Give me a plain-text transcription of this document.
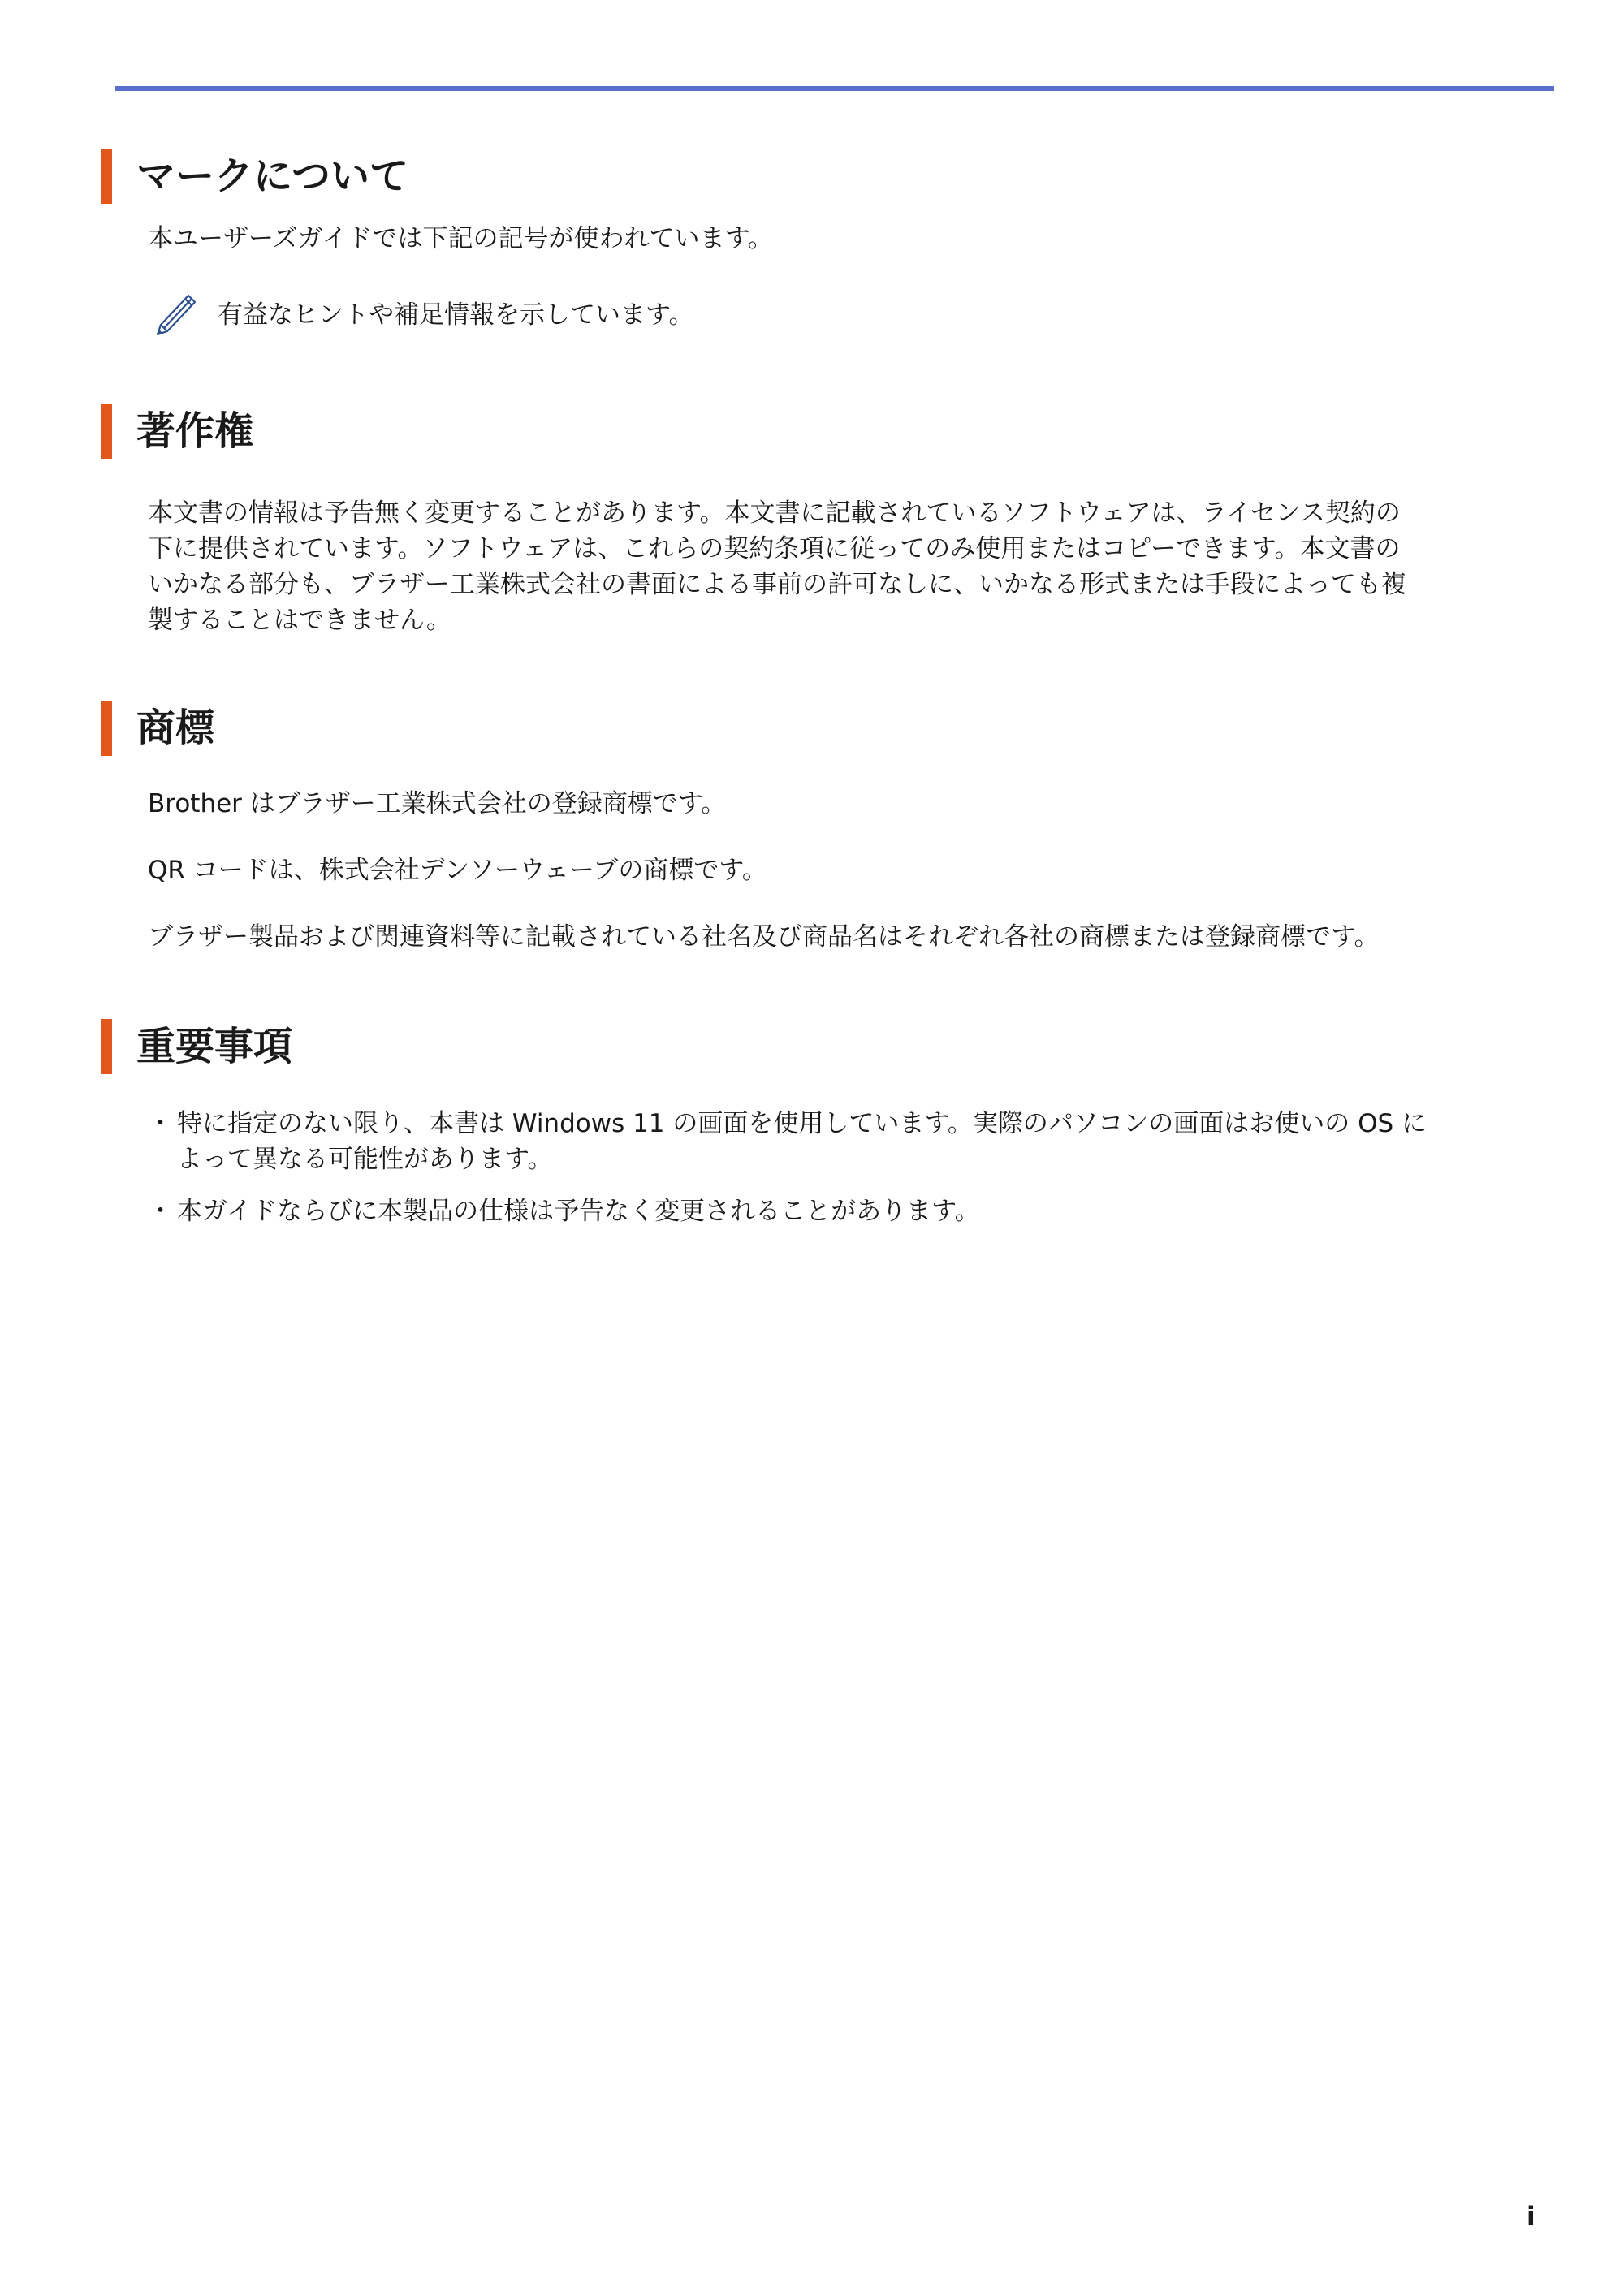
マークについて
本ユーザーズガイドでは下記の記号が使われています。
有益なヒントや補足情報を示しています。
著作権
本文書の情報は予告無く変更することがあります。本文書に記載されているソフトウェアは、ライセンス契約の
下に提供されています。ソフトウェアは、これらの契約条項に従ってのみ使用またはコピーできます。本文書の
いかなる部分も、ブラザー工業株式会社の書面による事前の許可なしに、いかなる形式または手段によっても複
製することはできません。
商標
Brother はブラザー工業株式会社の登録商標です。
QR コードは、株式会社デンソーウェーブの商標です。
ブラザー製品および関連資料等に記載されている社名及び商品名はそれぞれ各社の商標または登録商標です。
重要事項
・ 特に指定のない限り、本書は Windows 11 の画面を使用しています。実際のパソコンの画面はお使いの OS に
よって異なる可能性があります。
・ 本ガイドならびに本製品の仕様は予告なく変更されることがあります。
i
